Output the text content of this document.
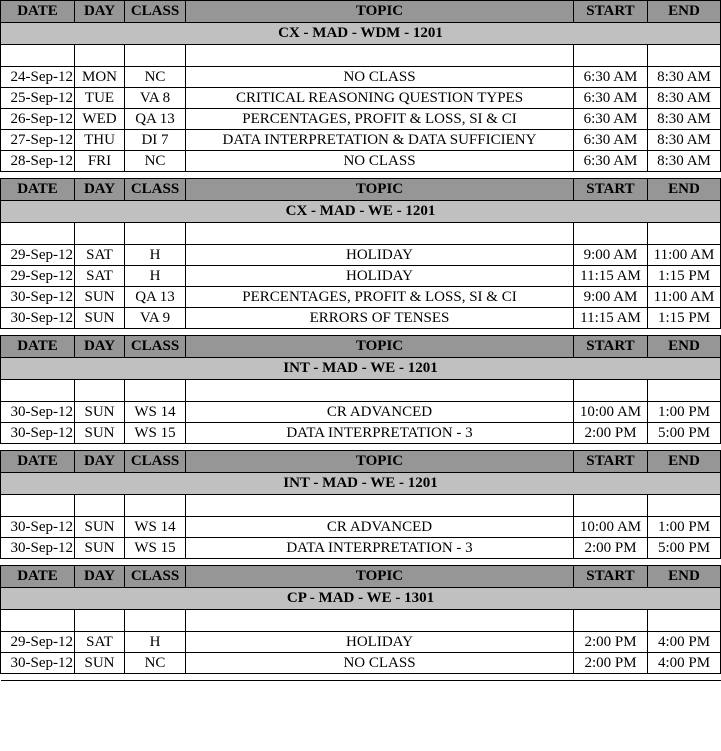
DATE	DAY	CLASS	TOPIC	START	END
CX - MAD - WDM - 1201					

24-Sep-12	MON	NC	NO CLASS	6:30 AM	8:30 AM
25-Sep-12	TUE	VA 8	CRITICAL REASONING QUESTION TYPES	6:30 AM	8:30 AM
26-Sep-12	WED	QA 13	PERCENTAGES, PROFIT & LOSS, SI & CI	6:30 AM	8:30 AM
27-Sep-12	THU	DI 7	DATA INTERPRETATION & DATA SUFFICIENY	6:30 AM	8:30 AM
28-Sep-12	FRI	NC	NO CLASS	6:30 AM	8:30 AM

DATE	DAY	CLASS	TOPIC	START	END
CX - MAD - WE - 1201					

29-Sep-12	SAT	H	HOLIDAY	9:00 AM	11:00 AM
29-Sep-12	SAT	H	HOLIDAY	11:15 AM	1:15 PM
30-Sep-12	SUN	QA 13	PERCENTAGES, PROFIT & LOSS, SI & CI	9:00 AM	11:00 AM
30-Sep-12	SUN	VA 9	ERRORS OF TENSES	11:15 AM	1:15 PM

DATE	DAY	CLASS	TOPIC	START	END
INT - MAD - WE - 1201					

30-Sep-12	SUN	WS 14	CR ADVANCED	10:00 AM	1:00 PM
30-Sep-12	SUN	WS 15	DATA INTERPRETATION - 3	2:00 PM	5:00 PM

DATE	DAY	CLASS	TOPIC	START	END
INT - MAD - WE - 1201					

30-Sep-12	SUN	WS 14	CR ADVANCED	10:00 AM	1:00 PM
30-Sep-12	SUN	WS 15	DATA INTERPRETATION - 3	2:00 PM	5:00 PM

DATE	DAY	CLASS	TOPIC	START	END
CP - MAD - WE - 1301					

29-Sep-12	SAT	H	HOLIDAY	2:00 PM	4:00 PM
30-Sep-12	SUN	NC	NO CLASS	2:00 PM	4:00 PM
